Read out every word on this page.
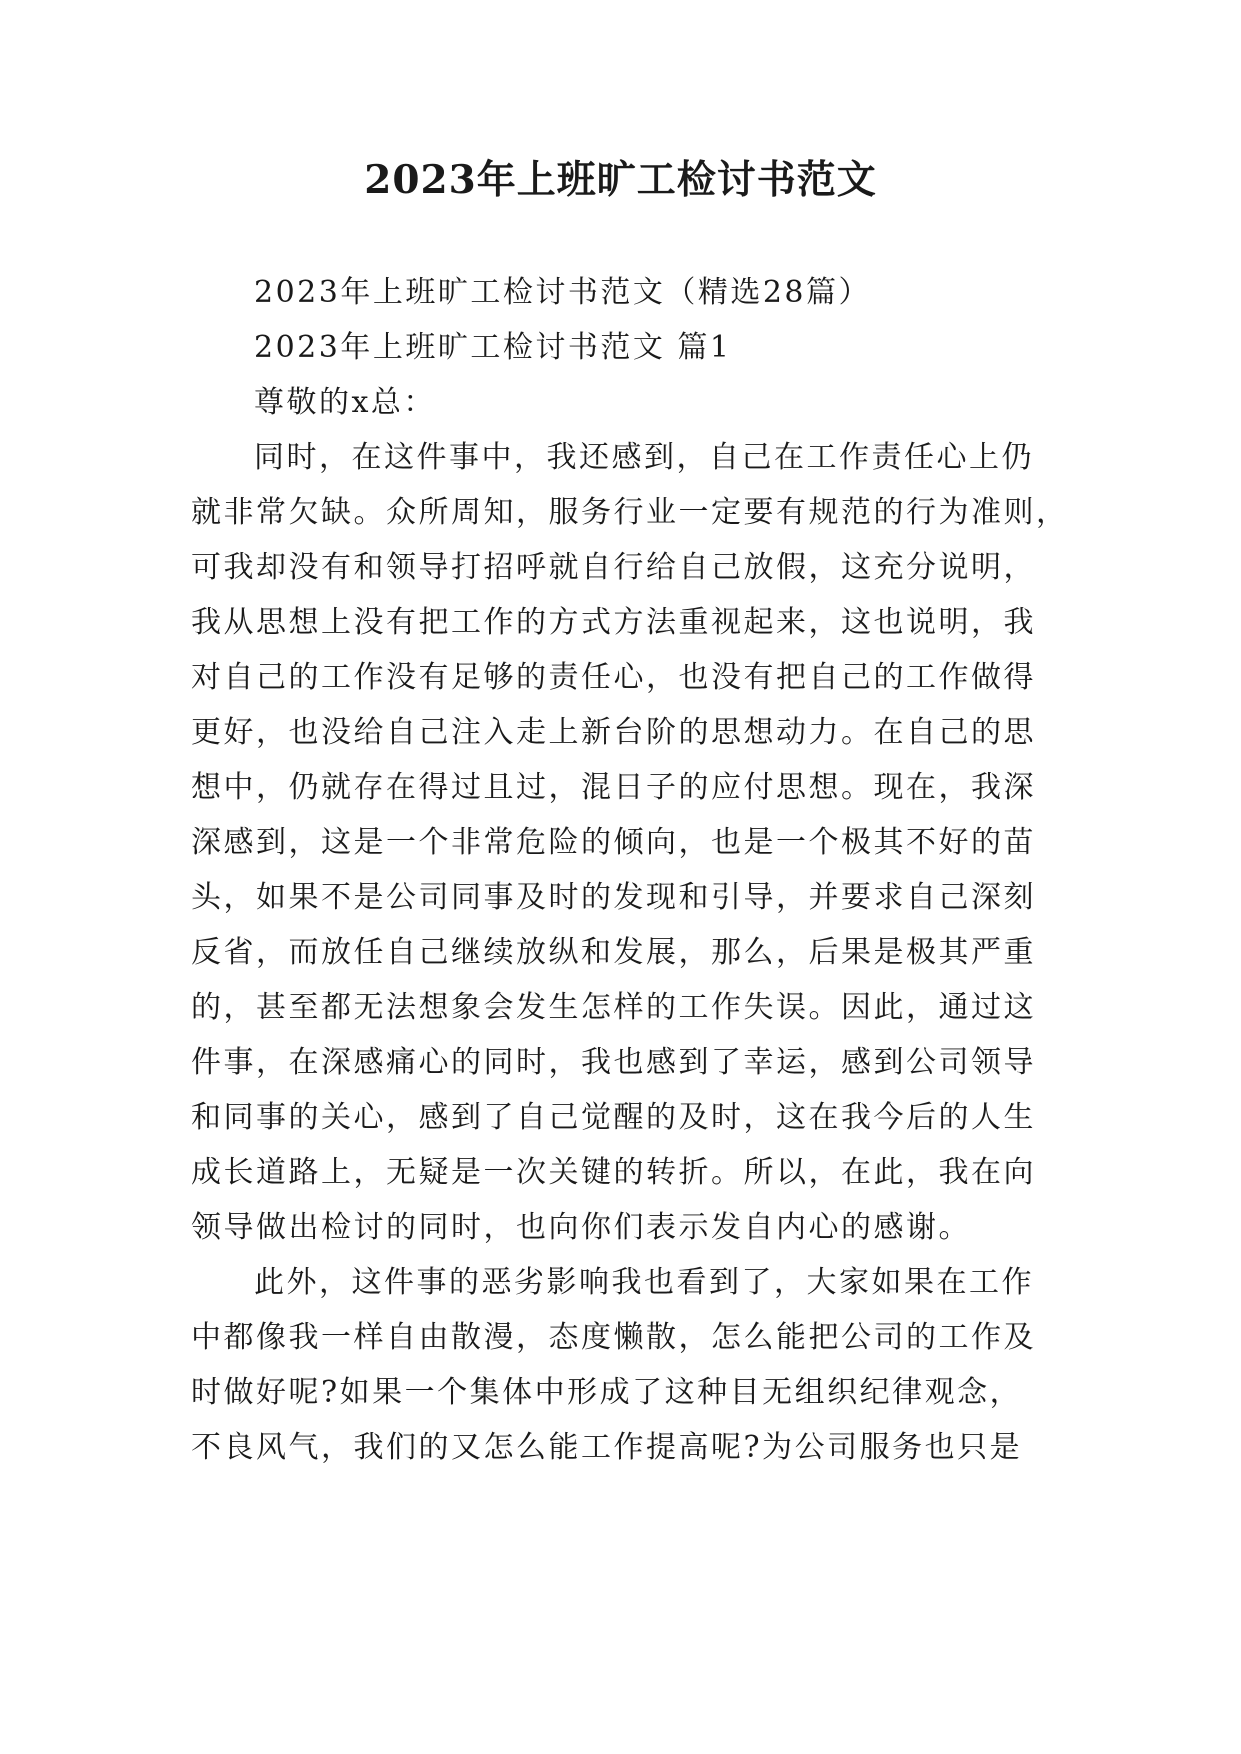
2023年上班旷工检讨书范文
2023年上班旷工检讨书范文（精选28篇）
2023年上班旷工检讨书范文 篇1
尊敬的x总：
同时，在这件事中，我还感到，自己在工作责任心上仍
就非常欠缺。众所周知，服务行业一定要有规范的行为准则，
可我却没有和领导打招呼就自行给自己放假，这充分说明，
我从思想上没有把工作的方式方法重视起来，这也说明，我
对自己的工作没有足够的责任心，也没有把自己的工作做得
更好，也没给自己注入走上新台阶的思想动力。在自己的思
想中，仍就存在得过且过，混日子的应付思想。现在，我深
深感到，这是一个非常危险的倾向，也是一个极其不好的苗
头，如果不是公司同事及时的发现和引导，并要求自己深刻
反省，而放任自己继续放纵和发展，那么，后果是极其严重
的，甚至都无法想象会发生怎样的工作失误。因此，通过这
件事，在深感痛心的同时，我也感到了幸运，感到公司领导
和同事的关心，感到了自己觉醒的及时，这在我今后的人生
成长道路上，无疑是一次关键的转折。所以，在此，我在向
领导做出检讨的同时，也向你们表示发自内心的感谢。
此外，这件事的恶劣影响我也看到了，大家如果在工作
中都像我一样自由散漫，态度懒散，怎么能把公司的工作及
时做好呢?如果一个集体中形成了这种目无组织纪律观念，
不良风气，我们的又怎么能工作提高呢?为公司服务也只是
